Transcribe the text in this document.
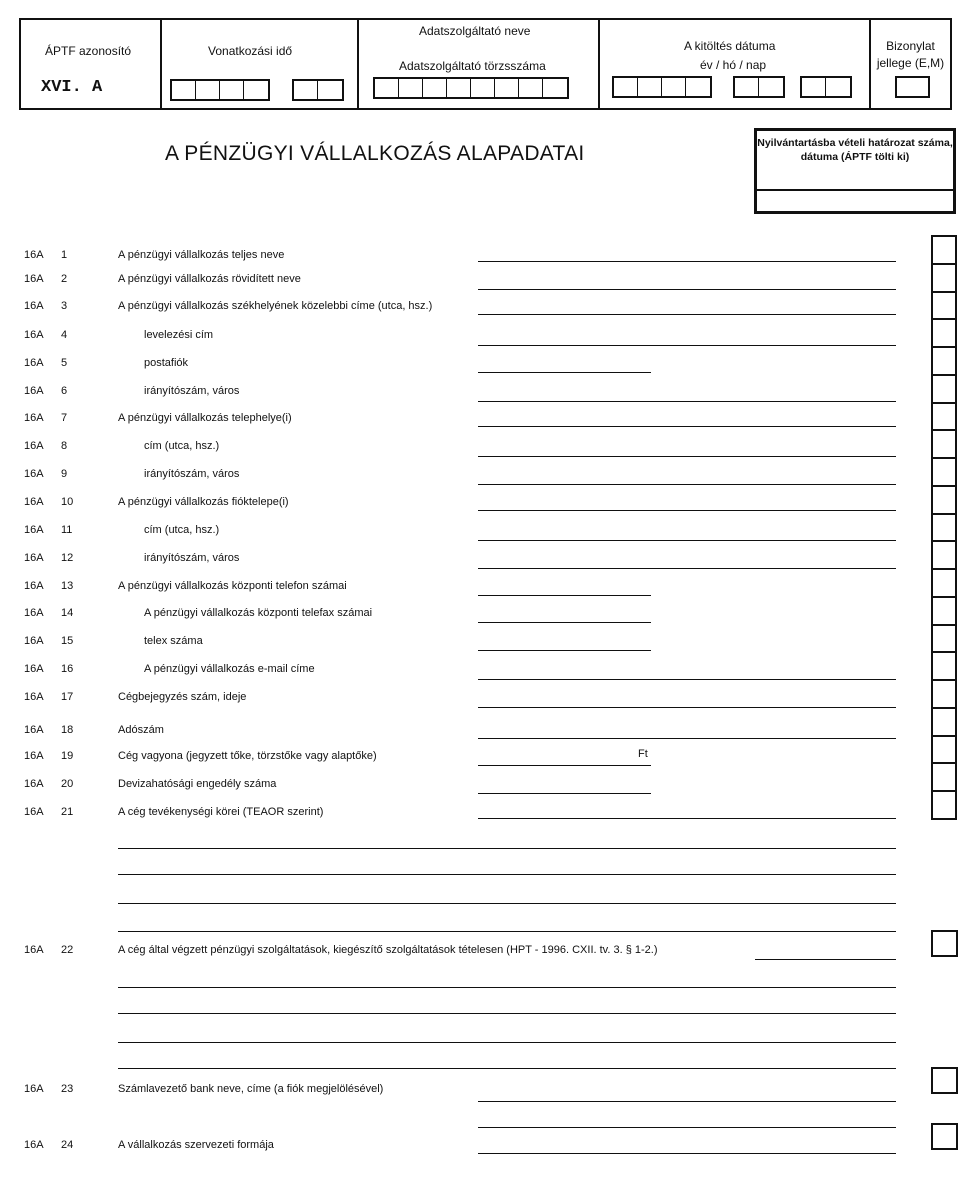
ÁPTF azonosító
XVI. A
Vonatkozási idő
Adatszolgáltató neve
Adatszolgáltató törzsszáma
A kitöltés dátuma
év / hó / nap
Bizonylat jellege (E,M)
A PÉNZÜGYI VÁLLALKOZÁS ALAPADATAI	Nyilvántartásba vételi határozat száma, dátuma (ÁPTF tölti ki)
16A 1	A pénzügyi vállalkozás teljes neve
16A 2	A pénzügyi vállalkozás rövidített neve
16A 3	A pénzügyi vállalkozás székhelyének közelebbi címe (utca, hsz.)
16A 4	levelezési cím
16A 5	postafiók
16A 6	irányítószám, város
16A 7	A pénzügyi vállalkozás telephelye(i)
16A 8	cím (utca, hsz.)
16A 9	irányítószám, város
16A 10	A pénzügyi vállalkozás fióktelepe(i)
16A 11	cím (utca, hsz.)
16A 12	irányítószám, város
16A 13	A pénzügyi vállalkozás központi telefon számai
16A 14	A pénzügyi vállalkozás központi telefax számai
16A 15	telex száma
16A 16	A pénzügyi vállalkozás e-mail címe
16A 17	Cégbejegyzés szám, ideje
16A 18	Adószám
16A 19	Cég vagyona (jegyzett tőke, törzstőke vagy alaptőke)	Ft
16A 20	Devizahatósági engedély száma
16A 21	A cég tevékenységi körei (TEAOR szerint)
16A 22	A cég által végzett pénzügyi szolgáltatások, kiegészítő szolgáltatások tételesen (HPT - 1996. CXII. tv. 3. § 1-2.)
16A 23	Számlavezető bank neve, címe (a fiók megjelölésével)
16A 24	A vállalkozás szervezeti formája
